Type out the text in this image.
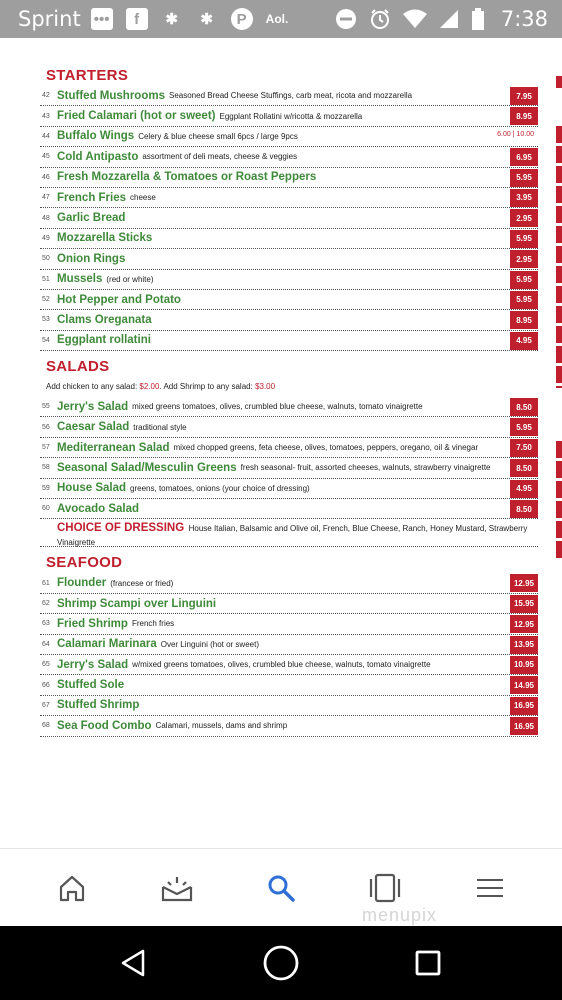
Sprint •••	f	✱	✱	P	Aol.	7:38
STARTERS
42 Stuffed Mushrooms Seasoned Bread Cheese Stuffings, carb meat, ricota and mozzarella	7.95
43 Fried Calamari (hot or sweet) Eggplant Rollatini w/ricotta & mozzarella	8.95
44 Buffalo Wings Celery & blue cheese small 6pcs / large 9pcs	6.00 | 10.00
45 Cold Antipasto assortment of deli meats, cheese & veggies	6.95
46 Fresh Mozzarella & Tomatoes or Roast Peppers	5.95
47 French Fries cheese	3.95
48 Garlic Bread	2.95
49 Mozzarella Sticks	5.95
50 Onion Rings	2.95
51 Mussels (red or white)	5.95
52 Hot Pepper and Potato	5.95
53 Clams Oreganata	8.95
54 Eggplant rollatini	4.95
SALADS
Add chicken to any salad: $2.00. Add Shrimp to any salad: $3.00
55 Jerry's Salad mixed greens tomatoes, olives, crumbled blue cheese, walnuts, tomato vinaigrette	8.50
56 Caesar Salad traditional style	5.95
57 Mediterranean Salad mixed chopped greens, feta cheese, olives, tomatoes, peppers, oregano, oil & vinegar	7.50
58 Seasonal Salad/Mesculin Greens fresh seasonal- fruit, assorted cheeses, walnuts, strawberry vinaigrette	8.50
59 House Salad greens, tomatoes, onions (your choice of dressing)	4.95
60 Avocado Salad	8.50
CHOICE OF DRESSING House Italian, Balsamic and Olive oil, French, Blue Cheese, Ranch, Honey Mustard, Strawberry Vinaigrette
SEAFOOD
61 Flounder (francese or fried)	12.95
62 Shrimp Scampi over Linguini	15.95
63 Fried Shrimp French fries	12.95
64 Calamari Marinara Over Linguini (hot or sweet)	13.95
65 Jerry's Salad w/mixed greens tomatoes, olives, crumbled blue cheese, walnuts, tomato vinaigrette	10.95
66 Stuffed Sole	14.95
67 Stuffed Shrimp	16.95
68 Sea Food Combo Calamari, mussels, dams and shrimp	16.95
menupix
